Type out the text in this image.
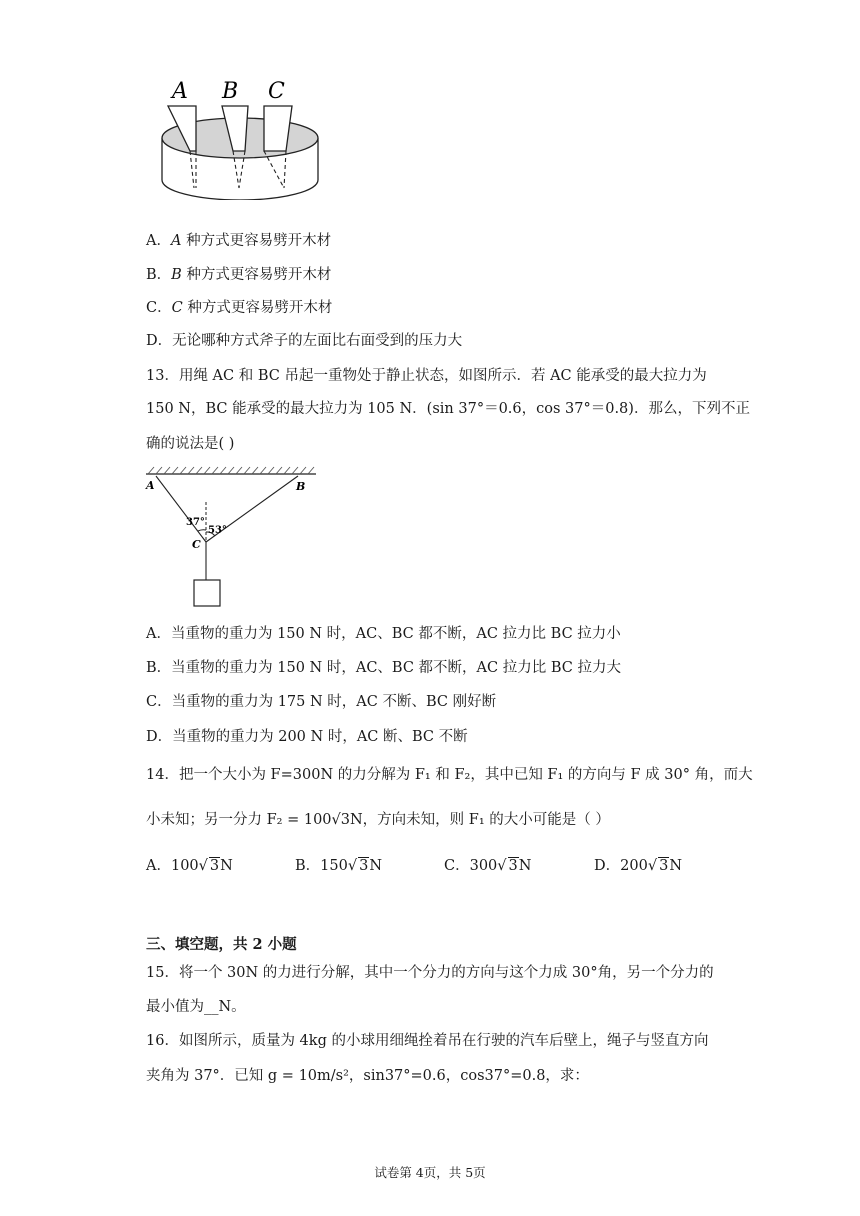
A B C
A．A 种方式更容易劈开木材
B．B 种方式更容易劈开木材
C．C 种方式更容易劈开木材
D．无论哪种方式斧子的左面比右面受到的压力大
13．用绳 AC 和 BC 吊起一重物处于静止状态，如图所示．若 AC 能承受的最大拉力为
150 N，BC 能承受的最大拉力为 105 N．(sin 37°＝0.6，cos 37°＝0.8)．那么，下列不正
确的说法是( )
A	B
C
37°
53°
A．当重物的重力为 150 N 时，AC、BC 都不断，AC 拉力比 BC 拉力小
B．当重物的重力为 150 N 时，AC、BC 都不断，AC 拉力比 BC 拉力大
C．当重物的重力为 175 N 时，AC 不断、BC 刚好断
D．当重物的重力为 200 N 时，AC 断、BC 不断
14．把一个大小为 F=300N 的力分解为 F₁ 和 F₂，其中已知 F₁ 的方向与 F 成 30° 角，而大
小未知；另一分力 F₂ = 100√3N，方向未知，则 F₁ 的大小可能是（ ）
A．100√ 3N	B．150√ 3N	C．300√ 3N	D．200√ 3N
三、填空题，共 2 小题
15．将一个 30N 的力进行分解，其中一个分力的方向与这个力成 30°角，另一个分力的
最小值为__N。
16．如图所示，质量为 4kg 的小球用细绳拴着吊在行驶的汽车后壁上，绳子与竖直方向
夹角为 37°．已知 g = 10m/s²，sin37°=0.6，cos37°=0.8，求：
试卷第 4页，共 5页
